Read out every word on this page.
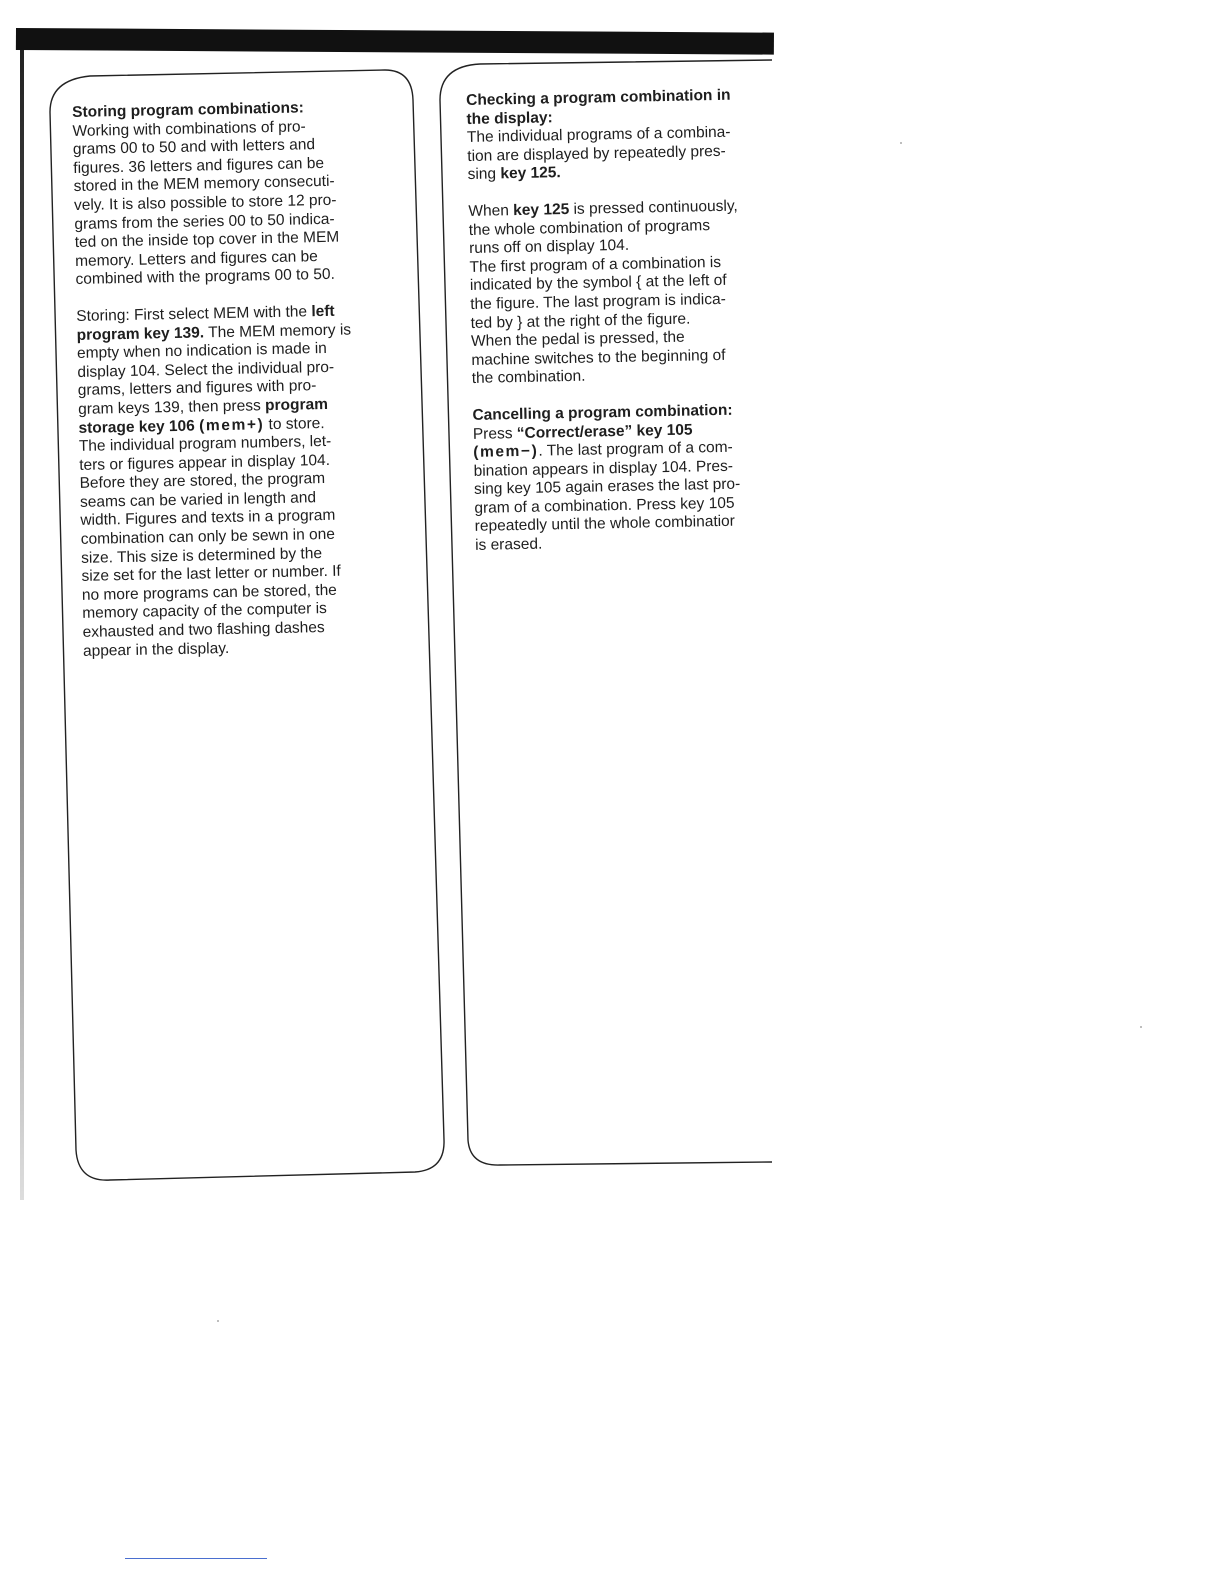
Storing program combinations:
Working with combinations of pro-
grams 00 to 50 and with letters and
figures. 36 letters and figures can be
stored in the MEM memory consecuti-
vely. It is also possible to store 12 pro-
grams from the series 00 to 50 indica-
ted on the inside top cover in the MEM
memory. Letters and figures can be
combined with the programs 00 to 50.
Storing: First select MEM with the left
program key 139. The MEM memory is
empty when no indication is made in
display 104. Select the individual pro-
grams, letters and figures with pro-
gram keys 139, then press program
storage key 106 (mem+) to store.
The individual program numbers, let-
ters or figures appear in display 104.
Before they are stored, the program
seams can be varied in length and
width. Figures and texts in a program
combination can only be sewn in one
size. This size is determined by the
size set for the last letter or number. If
no more programs can be stored, the
memory capacity of the computer is
exhausted and two flashing dashes
appear in the display.
Checking a program combination in
the display:
The individual programs of a combina-
tion are displayed by repeatedly pres-
sing key 125.
When key 125 is pressed continuously,
the whole combination of programs
runs off on display 104.
The first program of a combination is
indicated by the symbol { at the left of
the figure. The last program is indica-
ted by } at the right of the figure.
When the pedal is pressed, the
machine switches to the beginning of
the combination.
Cancelling a program combination:
Press “Correct/erase” key 105
(mem−). The last program of a com-
bination appears in display 104. Pres-
sing key 105 again erases the last pro-
gram of a combination. Press key 105
repeatedly until the whole combinatior
is erased.
